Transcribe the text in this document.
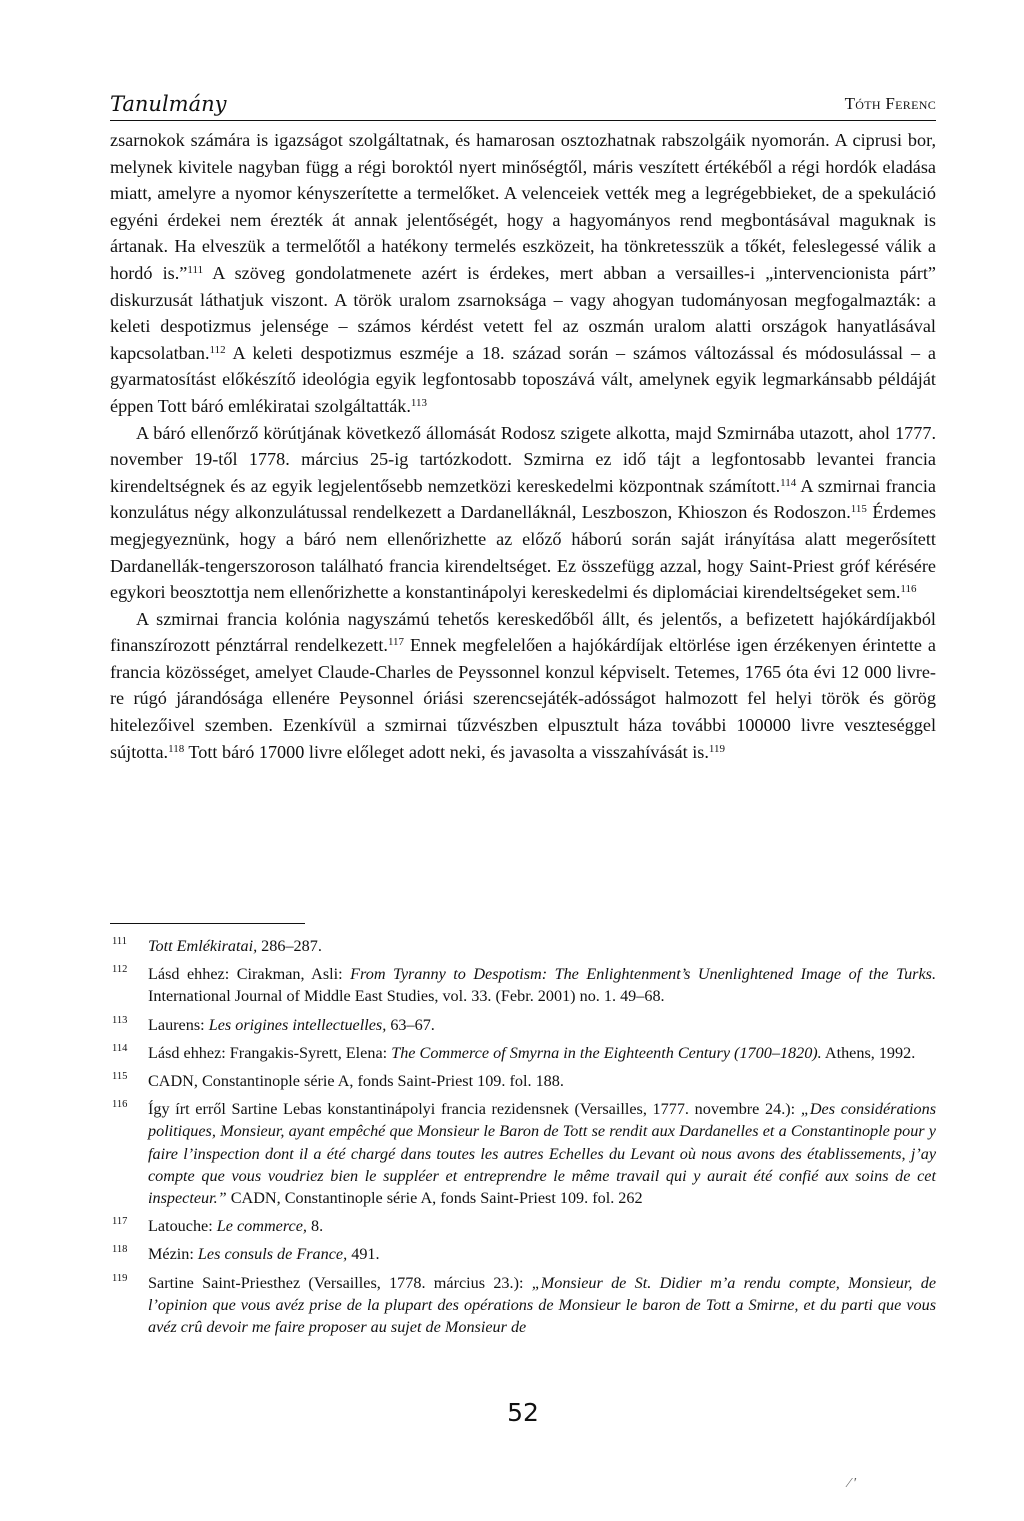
Tanulmány	Tóth Ferenc

zsarnokok számára is igazságot szolgáltatnak, és hamarosan osztozhatnak rabszolgáik nyomorán. A ciprusi bor, melynek kivitele nagyban függ a régi boroktól nyert minőségtől, máris veszített értékéből a régi hordók eladása miatt, amelyre a nyomor kényszerítette a termelőket. A velenceiek vették meg a legrégebbieket, de a spekuláció egyéni érdekei nem érezték át annak jelentőségét, hogy a hagyományos rend megbontásával maguknak is ártanak. Ha elveszük a termelőtől a hatékony termelés eszközeit, ha tönkretesszük a tőkét, feleslegessé válik a hordó is.”$^{111}$ A szöveg gondolatmenete azért is érdekes, mert abban a versailles-i „intervencionista párt” diskurzusát láthatjuk viszont. A török uralom zsarnoksága – vagy ahogyan tudományosan megfogalmazták: a keleti despotizmus jelensége – számos kérdést vetett fel az oszmán uralom alatti országok hanyatlásával kapcsolatban.$^{112}$ A keleti despotizmus eszméje a 18. század során – számos változással és módosulással – a gyarmatosítást előkészítő ideológia egyik legfontosabb toposzává vált, amelynek egyik legmarkánsabb példáját éppen Tott báró emlékiratai szolgáltatták.$^{113}$

A báró ellenőrző körútjának következő állomását Rodosz szigete alkotta, majd Szmirnába utazott, ahol 1777. november 19-től 1778. március 25-ig tartózkodott. Szmirna ez idő tájt a legfontosabb levantei francia kirendeltségnek és az egyik legjelentősebb nemzetközi kereskedelmi központnak számított.$^{114}$ A szmirnai francia konzulátus négy alkonzulátussal rendelkezett a Dardanelláknál, Leszboszon, Khioszon és Rodoszon.$^{115}$ Érdemes megjegyeznünk, hogy a báró nem ellenőrizhette az előző háború során saját irányítása alatt megerősített Dardanellák-tengerszoroson található francia kirendeltséget. Ez összefügg azzal, hogy Saint-Priest gróf kérésére egykori beosztottja nem ellenőrizhette a konstantinápolyi kereskedelmi és diplomáciai kirendeltségeket sem.$^{116}$

A szmirnai francia kolónia nagyszámú tehetős kereskedőből állt, és jelentős, a befizetett hajókárdíjakból finanszírozott pénztárral rendelkezett.$^{117}$ Ennek megfelelően a hajókárdíjak eltörlése igen érzékenyen érintette a francia közösséget, amelyet Claude-Charles de Peyssonnel konzul képviselt. Tetemes, 1765 óta évi 12 000 livre-re rúgó járandósága ellenére Peysonnel óriási szerencsejáték-adósságot halmozott fel helyi török és görög hitelezőivel szemben. Ezenkívül a szmirnai tűzvészben elpusztult háza további 100000 livre veszteséggel sújtotta.$^{118}$ Tott báró 17000 livre előleget adott neki, és javasolta a visszahívását is.$^{119}$

111 Tott Emlékiratai, 286–287.
112 Lásd ehhez: Cirakman, Asli: From Tyranny to Despotism: The Enlightenment’s Unenlightened Image of the Turks. International Journal of Middle East Studies, vol. 33. (Febr. 2001) no. 1. 49–68.
113 Laurens: Les origines intellectuelles, 63–67.
114 Lásd ehhez: Frangakis-Syrett, Elena: The Commerce of Smyrna in the Eighteenth Century (1700–1820). Athens, 1992.
115 CADN, Constantinople série A, fonds Saint-Priest 109. fol. 188.
116 Így írt erről Sartine Lebas konstantinápolyi francia rezidensnek (Versailles, 1777. novembre 24.): „Des considérations politiques, Monsieur, ayant empêché que Monsieur le Baron de Tott se rendit aux Dardanelles et a Constantinople pour y faire l’inspection dont il a été chargé dans toutes les autres Echelles du Levant où nous avons des établissements, j’ay compte que vous voudriez bien le suppléer et entreprendre le même travail qui y aurait été confié aux soins de cet inspecteur.” CADN, Constantinople série A, fonds Saint-Priest 109. fol. 262
117 Latouche: Le commerce, 8.
118 Mézin: Les consuls de France, 491.
119 Sartine Saint-Priesthez (Versailles, 1778. március 23.): „Monsieur de St. Didier m’a rendu compte, Monsieur, de l’opinion que vous avéz prise de la plupart des opérations de Monsieur le baron de Tott a Smirne, et du parti que vous avéz crû devoir me faire proposer au sujet de Monsieur de
52
⁄ ′
